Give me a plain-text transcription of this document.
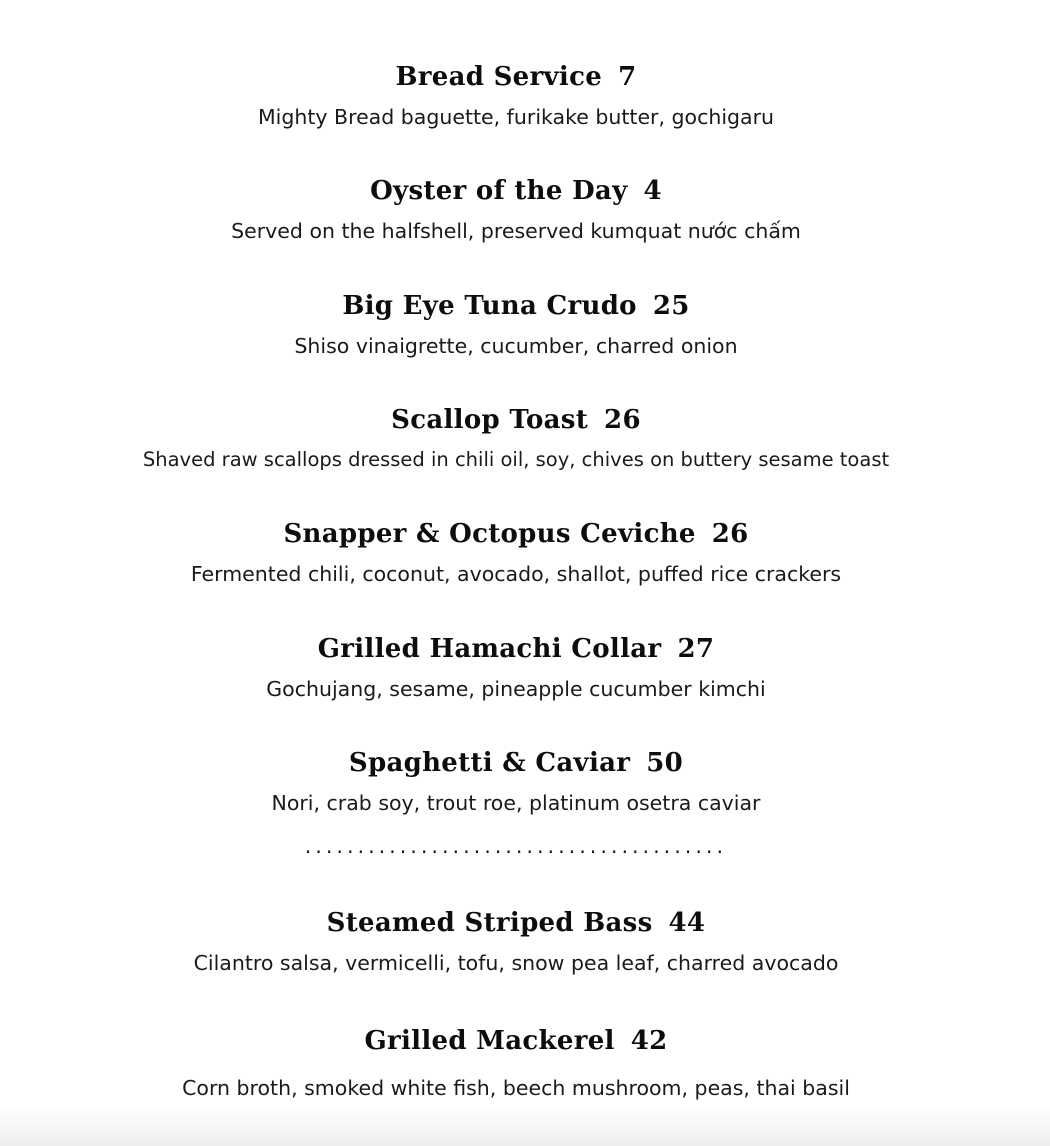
Bread Service 7
Mighty Bread baguette, furikake butter, gochigaru
Oyster of the Day 4
Served on the halfshell, preserved kumquat nước chấm
Big Eye Tuna Crudo 25
Shiso vinaigrette, cucumber, charred onion
Scallop Toast 26
Shaved raw scallops dressed in chili oil, soy, chives on buttery sesame toast
Snapper & Octopus Ceviche 26
Fermented chili, coconut, avocado, shallot, puffed rice crackers
Grilled Hamachi Collar 27
Gochujang, sesame, pineapple cucumber kimchi
Spaghetti & Caviar 50
Nori, crab soy, trout roe, platinum osetra caviar
........................................
Steamed Striped Bass 44
Cilantro salsa, vermicelli, tofu, snow pea leaf, charred avocado
Grilled Mackerel 42
Corn broth, smoked white fish, beech mushroom, peas, thai basil
